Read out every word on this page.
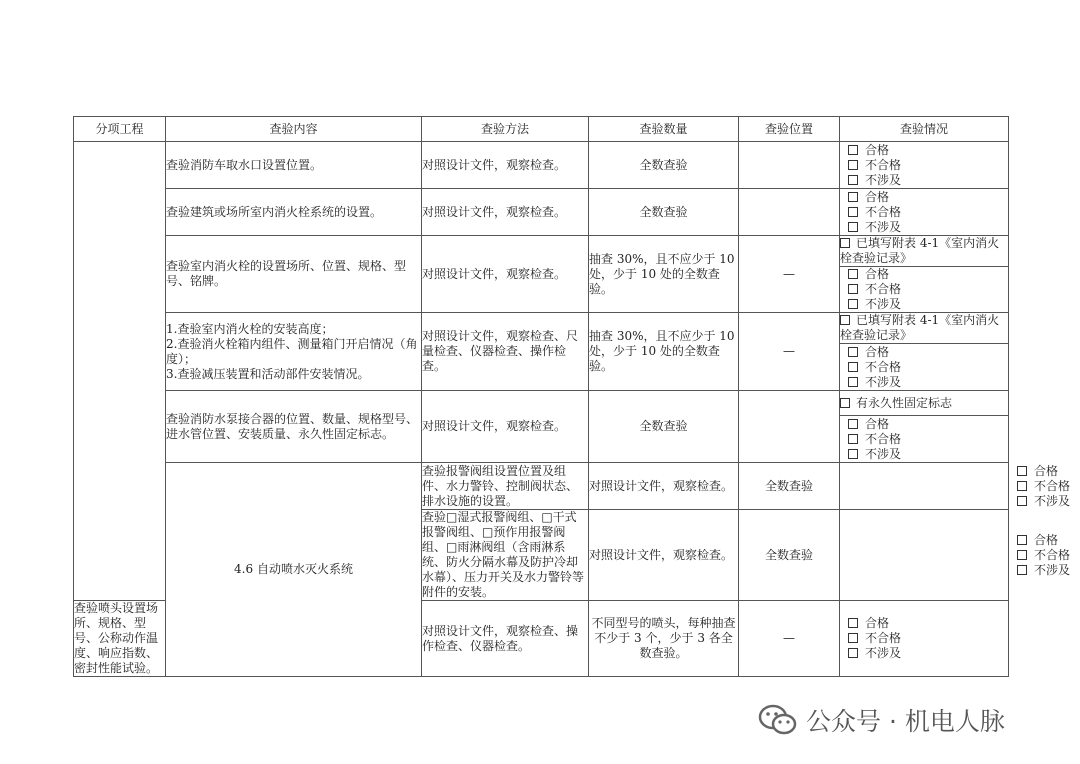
分项工程	查验内容	查验方法	查验数量	查验位置	查验情况	
	查验消防车取水口设置位置。	对照设计文件，观察检查。	全数查验		合格
不合格
不涉及	

	查验建筑或场所室内消火栓系统的设置。	对照设计文件，观察检查。	全数查验		合格
不合格
不涉及	

	查验室内消火栓的设置场所、位置、规格、型号、铭牌。	对照设计文件，观察检查。	抽查 30%，且不应少于 10 处，少于 10 处的全数查验。	—	已填写附表 4-1《室内消火栓查验记录》	

					合格
不合格
不涉及	

	1.查验室内消火栓的安装高度；
2.查验消火栓箱内组件、测量箱门开启情况（角度）；
3.查验减压装置和活动部件安装情况。	对照设计文件，观察检查、尺量检查、仪器检查、操作检查。	抽查 30%，且不应少于 10 处，少于 10 处的全数查验。	—	已填写附表 4-1《室内消火栓查验记录》	

					合格
不合格
不涉及	

	查验消防水泵接合器的位置、数量、规格型号、进水管位置、安装质量、永久性固定标志。	对照设计文件，观察检查。	全数查验		有永久性固定标志	

					合格
不合格
不涉及	

	4.6 自动喷水灭火系统	查验报警阀组设置位置及组件、水力警铃、控制阀状态、排水设施的设置。	对照设计文件，观察检查。	全数查验		合格
不合格
不涉及

		查验□湿式报警阀组、□干式报警阀组、□预作用报警阀组、□雨淋阀组（含雨淋系统、防火分隔水幕及防护冷却水幕）、压力开关及水力警铃等附件的安装。	对照设计文件，观察检查。	全数查验		合格
不合格
不涉及

查验喷头设置场所、规格、型号、公称动作温度、响应指数、密封性能试验。		对照设计文件，观察检查、操作检查、仪器检查。	不同型号的喷头，每种抽查不少于 3 个，少于 3 各全数查验。	—	合格
不合格
不涉及	
公众号 · 机电人脉
